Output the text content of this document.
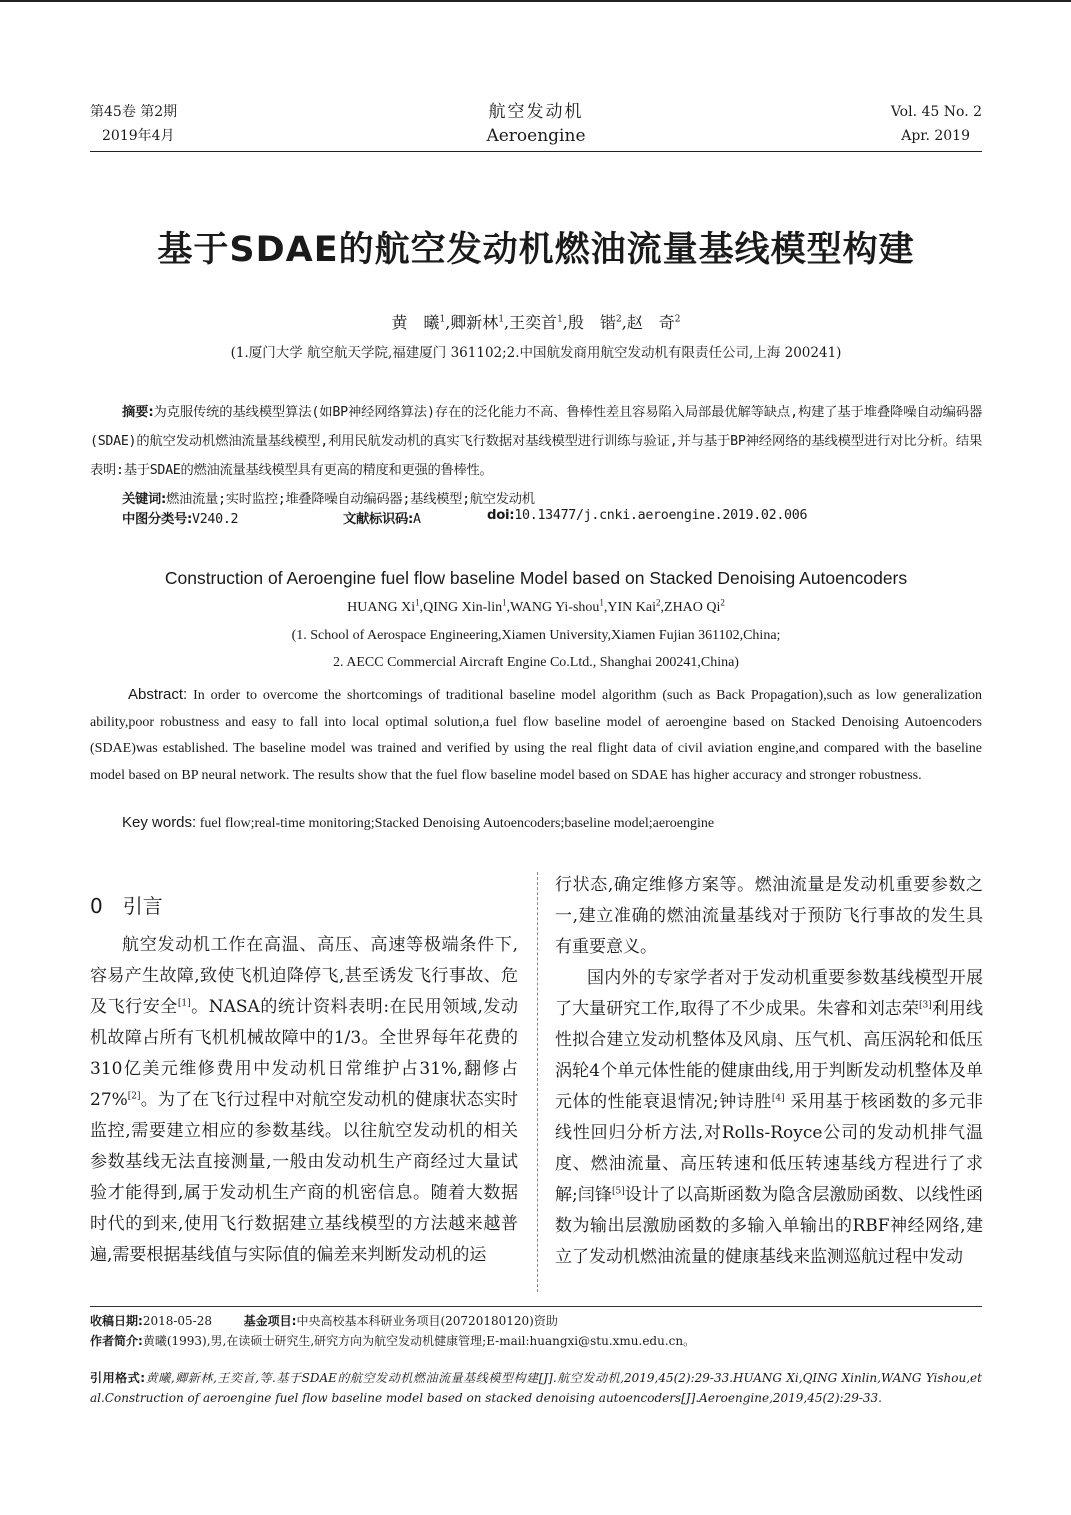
第45卷 第2期
2019年4月
航空发动机
Aeroengine
Vol. 45 No. 2
Apr. 2019
基于SDAE的航空发动机燃油流量基线模型构建
黄　曦$^1$,卿新林$^1$,王奕首$^1$,殷　锴$^2$,赵　奇$^2$
(1.厦门大学 航空航天学院,福建厦门 361102;2.中国航发商用航空发动机有限责任公司,上海 200241)

摘要:为克服传统的基线模型算法(如BP神经网络算法)存在的泛化能力不高、鲁棒性差且容易陷入局部最优解等缺点,构建了基于堆叠降噪自动编码器(SDAE)的航空发动机燃油流量基线模型,利用民航发动机的真实飞行数据对基线模型进行训练与验证,并与基于BP神经网络的基线模型进行对比分析。结果表明:基于SDAE的燃油流量基线模型具有更高的精度和更强的鲁棒性。

关键词:燃油流量;实时监控;堆叠降噪自动编码器;基线模型;航空发动机

中图分类号:V240.2	文献标识码:A	doi:10.13477/j.cnki.aeroengine.2019.02.006
Construction of Aeroengine fuel flow baseline Model based on Stacked Denoising Autoencoders
HUANG Xi$^1$,QING Xin-lin$^1$,WANG Yi-shou$^1$,YIN Kai$^2$,ZHAO Qi$^2$
(1. School of Aerospace Engineering,Xiamen University,Xiamen Fujian 361102,China;
2. AECC Commercial Aircraft Engine Co.Ltd., Shanghai 200241,China)
Abstract: In order to overcome the shortcomings of traditional baseline model algorithm (such as Back Propagation),such as low generalization ability,poor robustness and easy to fall into local optimal solution,a fuel flow baseline model of aeroengine based on Stacked Denoising Autoencoders (SDAE)was established. The baseline model was trained and verified by using the real flight data of civil aviation engine,and compared with the baseline model based on BP neural network. The results show that the fuel flow baseline model based on SDAE has higher accuracy and stronger robustness.
Key words: fuel flow;real-time monitoring;Stacked Denoising Autoencoders;baseline model;aeroengine
0 引言

航空发动机工作在高温、高压、高速等极端条件下,容易产生故障,致使飞机迫降停飞,甚至诱发飞行事故、危及飞行安全[1]。NASA的统计资料表明:在民用领域,发动机故障占所有飞机机械故障中的1/3。全世界每年花费的310亿美元维修费用中发动机日常维护占31%,翻修占27%[2]。为了在飞行过程中对航空发动机的健康状态实时监控,需要建立相应的参数基线。以往航空发动机的相关参数基线无法直接测量,一般由发动机生产商经过大量试验才能得到,属于发动机生产商的机密信息。随着大数据时代的到来,使用飞行数据建立基线模型的方法越来越普遍,需要根据基线值与实际值的偏差来判断发动机的运

行状态,确定维修方案等。燃油流量是发动机重要参数之一,建立准确的燃油流量基线对于预防飞行事故的发生具有重要意义。

国内外的专家学者对于发动机重要参数基线模型开展了大量研究工作,取得了不少成果。朱睿和刘志荣[3]利用线性拟合建立发动机整体及风扇、压气机、高压涡轮和低压涡轮4个单元体性能的健康曲线,用于判断发动机整体及单元体的性能衰退情况;钟诗胜[4] 采用基于核函数的多元非线性回归分析方法,对Rolls-Royce公司的发动机排气温度、燃油流量、高压转速和低压转速基线方程进行了求解;闫锋[5]设计了以高斯函数为隐含层激励函数、以线性函数为输出层激励函数的多输入单输出的RBF神经网络,建立了发动机燃油流量的健康基线来监测巡航过程中发动

收稿日期:2018-05-28	基金项目:中央高校基本科研业务项目(20720180120)资助
作者简介:黄曦(1993),男,在读硕士研究生,研究方向为航空发动机健康管理;E-mail:huangxi@stu.xmu.edu.cn。
引用格式:黄曦,卿新林,王奕首,等.基于SDAE的航空发动机燃油流量基线模型构建[J].航空发动机,2019,45(2):29-33.HUANG Xi,QING Xinlin,WANG Yishou,et al.Construction of aeroengine fuel flow baseline model based on stacked denoising autoencoders[J].Aeroengine,2019,45(2):29-33.
